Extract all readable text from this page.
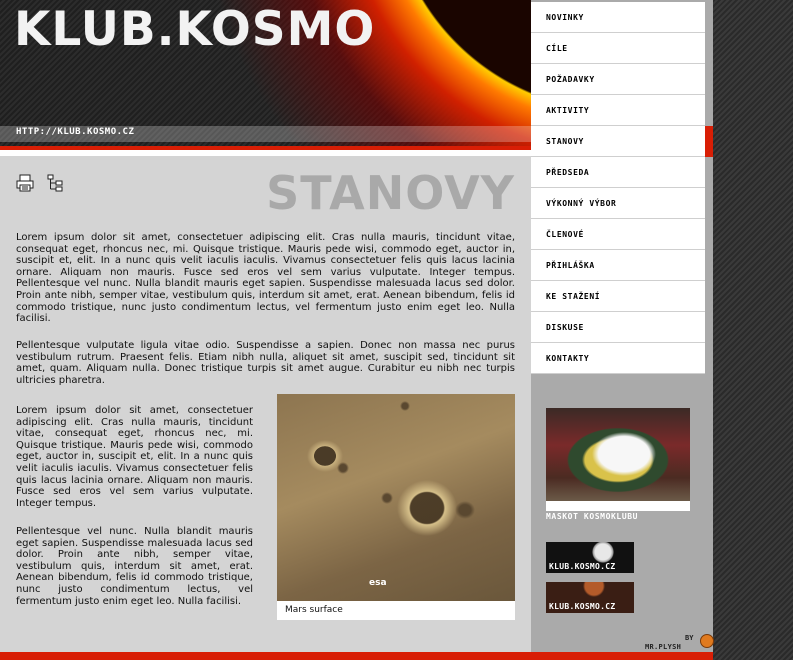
KLUB.KOSMO
HTTP://KLUB.KOSMO.CZ

STANOVY

Lorem ipsum dolor sit amet, consectetuer adipiscing elit. Cras nulla mauris, tincidunt vitae, consequat eget, rhoncus nec, mi. Quisque tristique. Mauris pede wisi, commodo eget, auctor in, suscipit et, elit. In a nunc quis velit iaculis iaculis. Vivamus consectetuer felis quis lacus lacinia ornare. Aliquam non mauris. Fusce sed eros vel sem varius vulputate. Integer tempus. Pellentesque vel nunc. Nulla blandit mauris eget sapien. Suspendisse malesuada lacus sed dolor. Proin ante nibh, semper vitae, vestibulum quis, interdum sit amet, erat. Aenean bibendum, felis id commodo tristique, nunc justo condimentum lectus, vel fermentum justo enim eget leo. Nulla facilisi.

Pellentesque vulputate ligula vitae odio. Suspendisse a sapien. Donec non massa nec purus vestibulum rutrum. Praesent felis. Etiam nibh nulla, aliquet sit amet, suscipit sed, tincidunt sit amet, quam. Aliquam nulla. Donec tristique turpis sit amet augue. Curabitur eu nibh nec turpis ultricies pharetra.

Lorem ipsum dolor sit amet, consectetuer adipiscing elit. Cras nulla mauris, tincidunt vitae, consequat eget, rhoncus nec, mi. Quisque tristique. Mauris pede wisi, commodo eget, auctor in, suscipit et, elit. In a nunc quis velit iaculis iaculis. Vivamus consectetuer felis quis lacus lacinia ornare. Aliquam non mauris. Fusce sed eros vel sem varius vulputate. Integer tempus.

Pellentesque vel nunc. Nulla blandit mauris eget sapien. Suspendisse malesuada lacus sed dolor. Proin ante nibh, semper vitae, vestibulum quis, interdum sit amet, erat. Aenean bibendum, felis id commodo tristique, nunc justo condimentum lectus, vel fermentum justo enim eget leo. Nulla facilisi.

esa
Mars surface
NOVINKY
CÍLE
POŽADAVKY
AKTIVITY
STANOVY
PŘEDSEDA
VÝKONNÝ VÝBOR
ČLENOVÉ
PŘIHLÁŠKA
KE STAŽENÍ
DISKUSE
KONTAKTY
MASKOT KOSMOKLUBU
KLUB.KOSMO.CZ
KLUB.KOSMO.CZ
BY
MR.PLYSH
